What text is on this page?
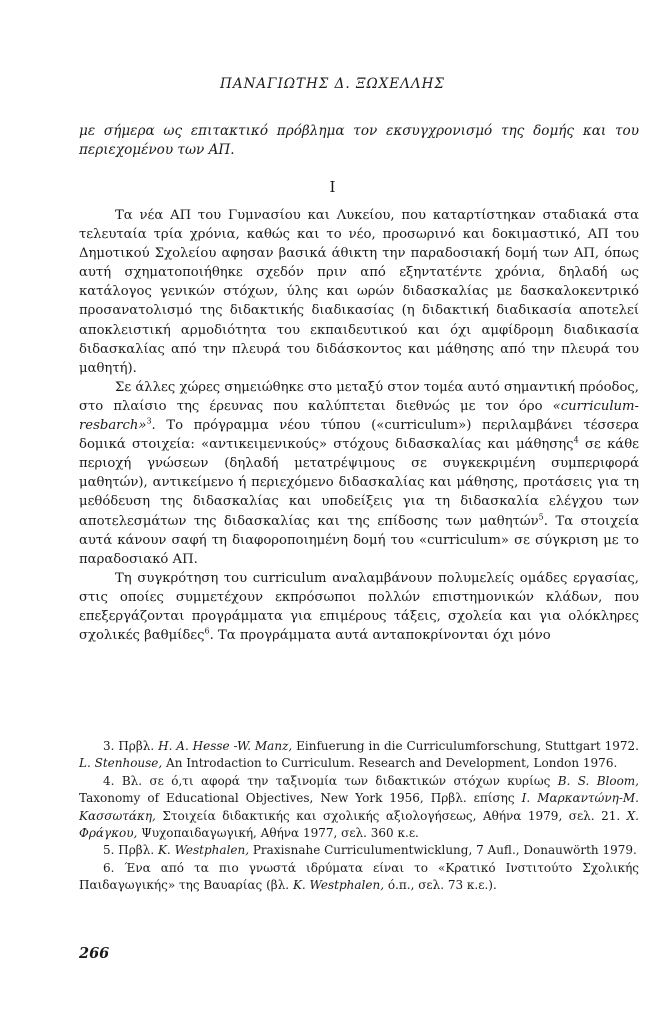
ΠΑΝΑΓΙΩΤΗΣ Δ. ΞΩΧΕΛΛΗΣ
με σήμερα ως επιτακτικό πρόβλημα τον εκσυγχρονισμό της δομής και του περιεχομένου των ΑΠ.
Ι

Τα νέα ΑΠ του Γυμνασίου και Λυκείου, που καταρτίστηκαν σταδιακά στα τελευταία τρία χρόνια, καθώς και το νέο, προσωρινό και δοκιμαστικό, ΑΠ του Δημοτικού Σχολείου αφησαν βασικά άθικτη την παραδοσιακή δομή των ΑΠ, όπως αυτή σχηματοποιήθηκε σχεδόν πριν από εξηντατέντε χρόνια, δηλαδή ως κατάλογος γενικών στόχων, ύλης και ωρών διδασκαλίας με δασκαλοκεντρικό προσανατολισμό της διδακτικής διαδικασίας (η διδακτική διαδικασία αποτελεί αποκλειστική αρμοδιότητα του εκπαιδευτικού και όχι αμφίδρομη διαδικασία διδασκαλίας από την πλευρά του διδάσκοντος και μάθησης από την πλευρά του μαθητή).

Σε άλλες χώρες σημειώθηκε στο μεταξύ στον τομέα αυτό σημαντική πρόοδος, στο πλαίσιο της έρευνας που καλύπτεται διεθνώς με τον όρο «curriculum-resbarch»$^3$. Το πρόγραμμα νέου τύπου («curriculum») περιλαμβάνει τέσσερα δομικά στοιχεία: «αντικειμενικούς» στόχους διδασκαλίας και μάθησης$^4$ σε κάθε περιοχή γνώσεων (δηλαδή μετατρέψιμους σε συγκεκριμένη συμπεριφορά μαθητών), αντικείμενο ή περιεχόμενο διδασκαλίας και μάθησης, προτάσεις για τη μεθόδευση της διδασκαλίας και υποδείξεις για τη διδασκαλία ελέγχου των αποτελεσμάτων της διδασκαλίας και της επίδοσης των μαθητών$^5$. Τα στοιχεία αυτά κάνουν σαφή τη διαφοροποιημένη δομή του «curriculum» σε σύγκριση με το παραδοσιακό ΑΠ.

Τη συγκρότηση του curriculum αναλαμβάνουν πολυμελείς ομάδες εργασίας, στις οποίες συμμετέχουν εκπρόσωποι πολλών επιστημονικών κλάδων, που επεξεργάζονται προγράμματα για επιμέρους τάξεις, σχολεία και για ολόκληρες σχολικές βαθμίδες$^6$. Τα προγράμματα αυτά ανταποκρίνονται όχι μόνο

3. Πρβλ. H. A. Hesse -W. Manz, Einfuerung in die Curriculumforschung, Stuttgart 1972. L. Stenhouse, An Introdaction to Curriculum. Research and Development, London 1976.

4. Βλ. σε ό,τι αφορά την ταξινομία των διδακτικών στόχων κυρίως B. S. Bloom, Taxonomy of Educational Objectives, New York 1956, Πρβλ. επίσης Ι. Μαρκαντώνη-Μ. Κασσωτάκη, Στοιχεία διδακτικής και σχολικής αξιολογήσεως, Αθήνα 1979, σελ. 21. Χ. Φράγκου, Ψυχοπαιδαγωγική, Αθήνα 1977, σελ. 360 κ.ε.

5. Πρβλ. K. Westphalen, Praxisnahe Curriculumentwicklung, 7 Aufl., Donauwörth 1979.

6. Ένα από τα πιο γνωστά ιδρύματα είναι το «Κρατικό Ινστιτούτο Σχολικής Παιδαγωγικής» της Βαυαρίας (βλ. K. Westphalen, ό.π., σελ. 73 κ.ε.).

266
